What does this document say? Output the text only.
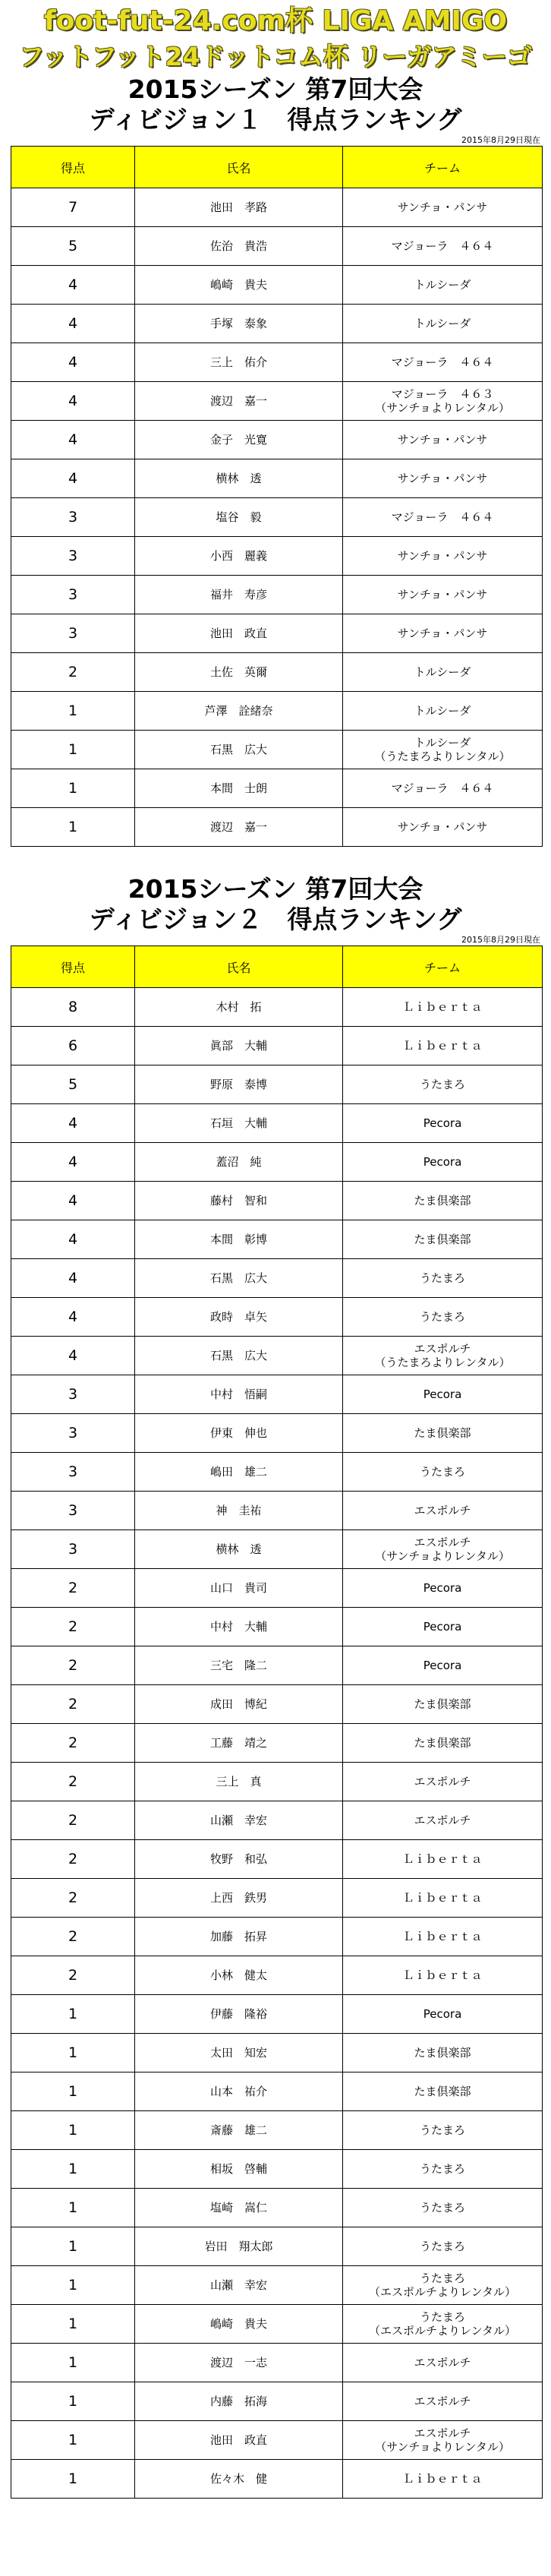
foot-fut-24.com杯 LIGA AMIGO
フットフット24ドットコム杯 リーガアミーゴ
2015シーズン 第7回大会
ディビジョン１　得点ランキング
2015年8月29日現在
得点	氏名	チーム
7	池田　孝路	サンチョ・パンサ

5	佐治　貴浩	マジョーラ　４６４

4	嶋崎　貴夫	トルシーダ

4	手塚　泰象	トルシーダ

4	三上　佑介	マジョーラ　４６４

4	渡辺　嘉一	マジョーラ　４６３
（サンチョよりレンタル）

4	金子　光寛	サンチョ・パンサ

4	横林　透	サンチョ・パンサ

3	塩谷　毅	マジョーラ　４６４

3	小西　麗義	サンチョ・パンサ

3	福井　寿彦	サンチョ・パンサ

3	池田　政直	サンチョ・パンサ

2	土佐　英爾	トルシーダ

1	芦澤　詮緒奈	トルシーダ

1	石黒　広大	トルシーダ
（うたまろよりレンタル）

1	本間　士朗	マジョーラ　４６４

1	渡辺　嘉一	サンチョ・パンサ
2015シーズン 第7回大会
ディビジョン２　得点ランキング
2015年8月29日現在
得点	氏名	チーム
8	木村　拓	Ｌｉｂｅｒｔａ

6	眞部　大輔	Ｌｉｂｅｒｔａ

5	野原　泰博	うたまろ

4	石垣　大輔	Pecora

4	蓋沼　純	Pecora

4	藤村　智和	たま倶楽部

4	本間　彰博	たま倶楽部

4	石黒　広大	うたまろ

4	政時　卓矢	うたまろ

4	石黒　広大	エスポルチ
（うたまろよりレンタル）

3	中村　悟嗣	Pecora

3	伊東　伸也	たま倶楽部

3	嶋田　雄二	うたまろ

3	神　圭祐	エスポルチ

3	横林　透	エスポルチ
（サンチョよりレンタル）

2	山口　貴司	Pecora

2	中村　大輔	Pecora

2	三宅　隆二	Pecora

2	成田　博紀	たま倶楽部

2	工藤　靖之	たま倶楽部

2	三上　真	エスポルチ

2	山瀬　幸宏	エスポルチ

2	牧野　和弘	Ｌｉｂｅｒｔａ

2	上西　鉄男	Ｌｉｂｅｒｔａ

2	加藤　拓昇	Ｌｉｂｅｒｔａ

2	小林　健太	Ｌｉｂｅｒｔａ

1	伊藤　隆裕	Pecora

1	太田　知宏	たま倶楽部

1	山本　祐介	たま倶楽部

1	斎藤　雄二	うたまろ

1	相坂　啓輔	うたまろ

1	塩崎　嵩仁	うたまろ

1	岩田　翔太郎	うたまろ

1	山瀬　幸宏	うたまろ
（エスポルチよりレンタル）

1	嶋崎　貴夫	うたまろ
（エスポルチよりレンタル）

1	渡辺　一志	エスポルチ

1	内藤　拓海	エスポルチ

1	池田　政直	エスポルチ
（サンチョよりレンタル）

1	佐々木　健	Ｌｉｂｅｒｔａ
